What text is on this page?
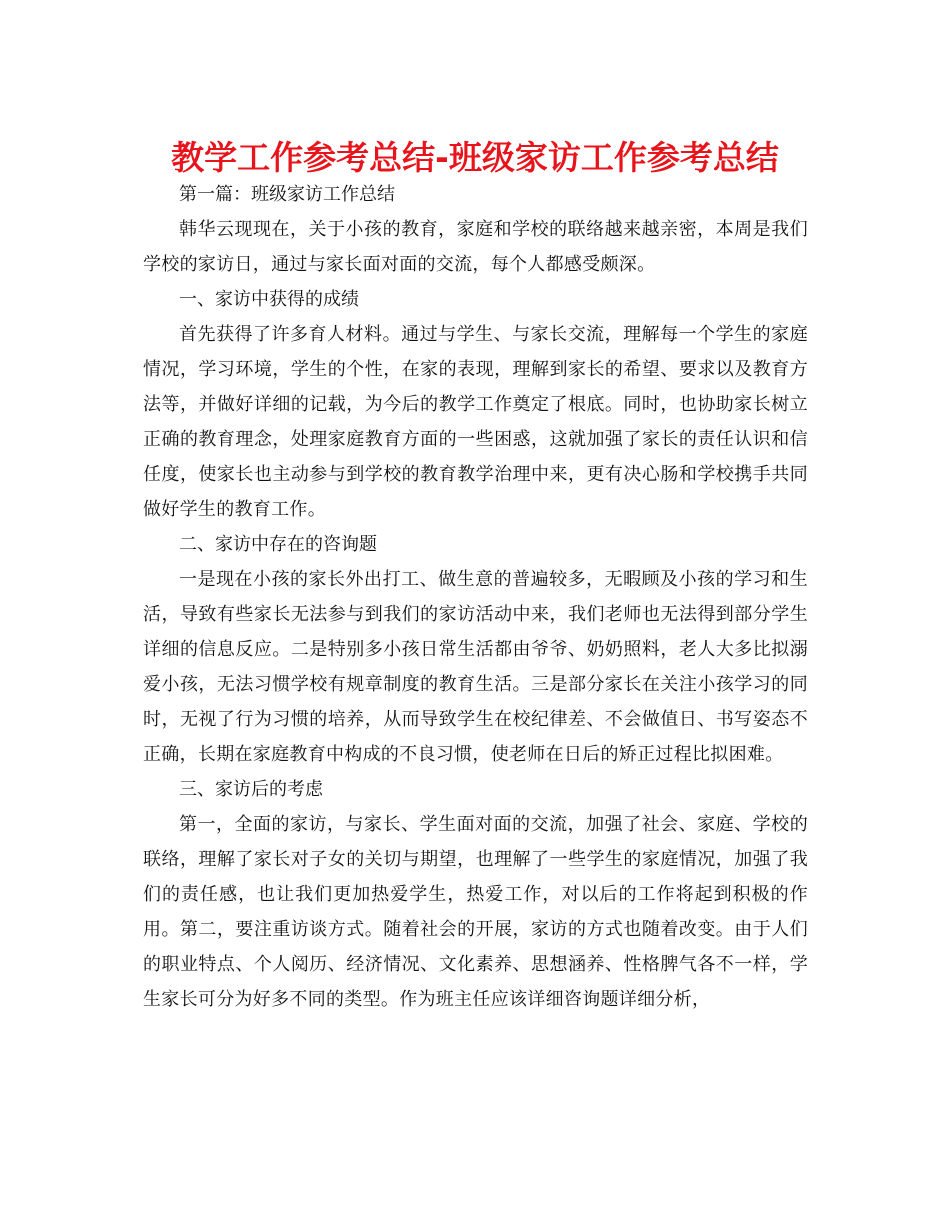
教学工作参考总结-班级家访工作参考总结

第一篇：班级家访工作总结

韩华云现现在，关于小孩的教育，家庭和学校的联络越来越亲密，本周是我们学校的家访日，通过与家长面对面的交流，每个人都感受颇深。

一、家访中获得的成绩

首先获得了许多育人材料。通过与学生、与家长交流，理解每一个学生的家庭情况，学习环境，学生的个性，在家的表现，理解到家长的希望、要求以及教育方法等，并做好详细的记载，为今后的教学工作奠定了根底。同时，也协助家长树立正确的教育理念，处理家庭教育方面的一些困惑，这就加强了家长的责任认识和信任度，使家长也主动参与到学校的教育教学治理中来，更有决心肠和学校携手共同做好学生的教育工作。

二、家访中存在的咨询题

一是现在小孩的家长外出打工、做生意的普遍较多，无暇顾及小孩的学习和生活，导致有些家长无法参与到我们的家访活动中来，我们老师也无法得到部分学生详细的信息反应。二是特别多小孩日常生活都由爷爷、奶奶照料，老人大多比拟溺爱小孩，无法习惯学校有规章制度的教育生活。三是部分家长在关注小孩学习的同时，无视了行为习惯的培养，从而导致学生在校纪律差、不会做值日、书写姿态不正确，长期在家庭教育中构成的不良习惯，使老师在日后的矫正过程比拟困难。

三、家访后的考虑

第一，全面的家访，与家长、学生面对面的交流，加强了社会、家庭、学校的联络，理解了家长对子女的关切与期望，也理解了一些学生的家庭情况，加强了我们的责任感，也让我们更加热爱学生，热爱工作，对以后的工作将起到积极的作用。第二，要注重访谈方式。随着社会的开展，家访的方式也随着改变。由于人们的职业特点、个人阅历、经济情况、文化素养、思想涵养、性格脾气各不一样，学生家长可分为好多不同的类型。作为班主任应该详细咨询题详细分析，
